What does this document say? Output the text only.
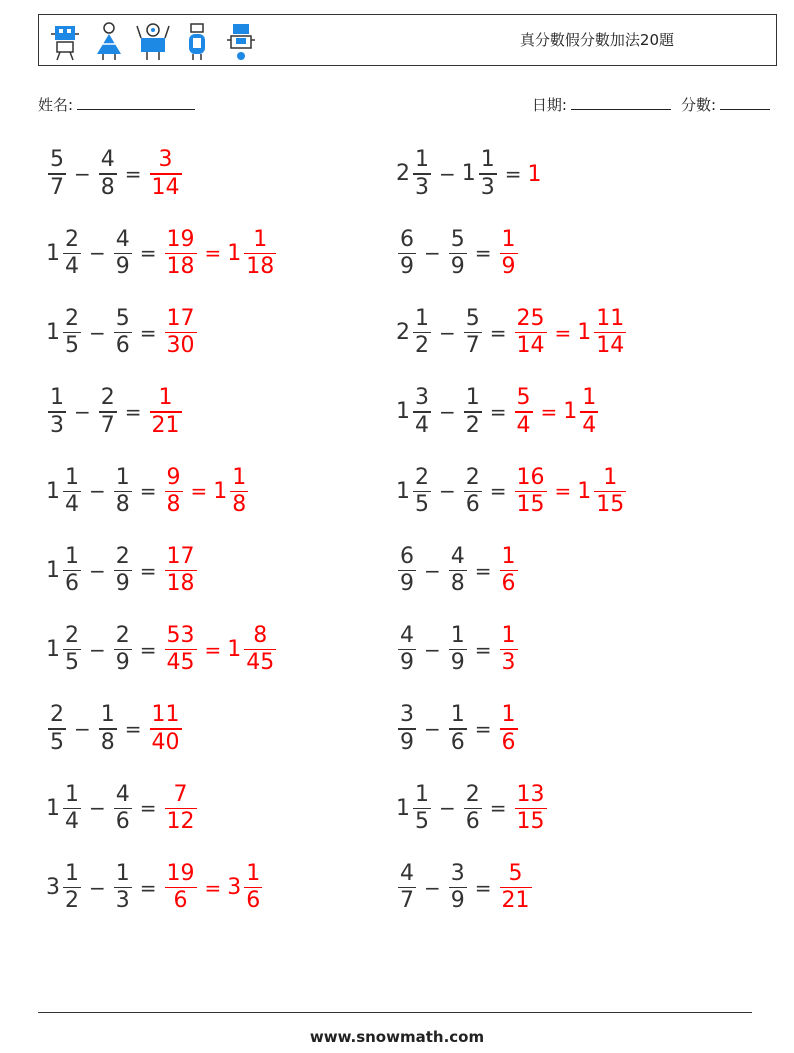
真分數假分數加法20題
姓名:	日期:	分數:
$\frac{5}{7} - \frac{4}{8} = \frac{3}{14}$	$2 \frac{1}{3} - 1 \frac{1}{3} = 1$
$1 \frac{2}{4} - \frac{4}{9} = \frac{19}{18} = 1 \frac{1}{18}$	$\frac{6}{9} - \frac{5}{9} = \frac{1}{9}$
$1 \frac{2}{5} - \frac{5}{6} = \frac{17}{30}$	$2 \frac{1}{2} - \frac{5}{7} = \frac{25}{14} = 1 \frac{11}{14}$
$\frac{1}{3} - \frac{2}{7} = \frac{1}{21}$	$1 \frac{3}{4} - \frac{1}{2} = \frac{5}{4} = 1 \frac{1}{4}$
$1 \frac{1}{4} - \frac{1}{8} = \frac{9}{8} = 1 \frac{1}{8}$	$1 \frac{2}{5} - \frac{2}{6} = \frac{16}{15} = 1 \frac{1}{15}$
$1 \frac{1}{6} - \frac{2}{9} = \frac{17}{18}$	$\frac{6}{9} - \frac{4}{8} = \frac{1}{6}$
$1 \frac{2}{5} - \frac{2}{9} = \frac{53}{45} = 1 \frac{8}{45}$	$\frac{4}{9} - \frac{1}{9} = \frac{1}{3}$
$\frac{2}{5} - \frac{1}{8} = \frac{11}{40}$	$\frac{3}{9} - \frac{1}{6} = \frac{1}{6}$
$1 \frac{1}{4} - \frac{4}{6} = \frac{7}{12}$	$1 \frac{1}{5} - \frac{2}{6} = \frac{13}{15}$
$3 \frac{1}{2} - \frac{1}{3} = \frac{19}{6} = 3 \frac{1}{6}$	$\frac{4}{7} - \frac{3}{9} = \frac{5}{21}$
www.snowmath.com
